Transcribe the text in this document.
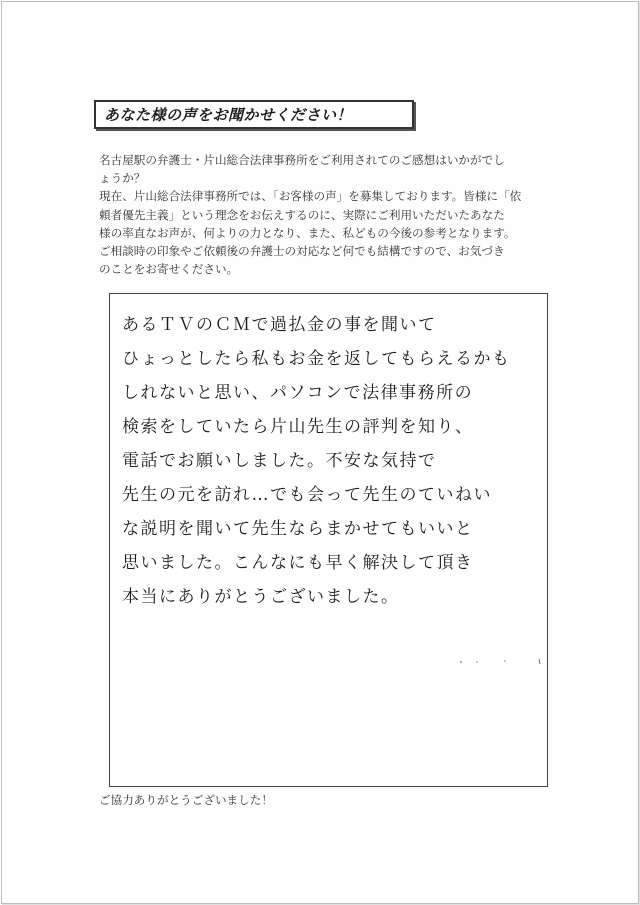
あなた様の声をお聞かせください！
名古屋駅の弁護士・片山総合法律事務所をご利用されてのご感想はいかがでし
ょうか？
現在、片山総合法律事務所では、「お客様の声」を募集しております。皆様に「依
頼者優先主義」という理念をお伝えするのに、実際にご利用いただいたあなた
様の率直なお声が、何よりの力となり、また、私どもの今後の参考となります。
ご相談時の印象やご依頼後の弁護士の対応など何でも結構ですので、お気づき
のことをお寄せください。
あるＴＶのＣＭで過払金の事を聞いて
ひょっとしたら私もお金を返してもらえるかも
しれないと思い、パソコンで法律事務所の
検索をしていたら片山先生の評判を知り、
電話でお願いしました。不安な気持で
先生の元を訪れ…でも会って先生のていねい
な説明を聞いて先生ならまかせてもいいと
思いました。こんなにも早く解決して頂き
本当にありがとうございました。
ご協力ありがとうございました！
